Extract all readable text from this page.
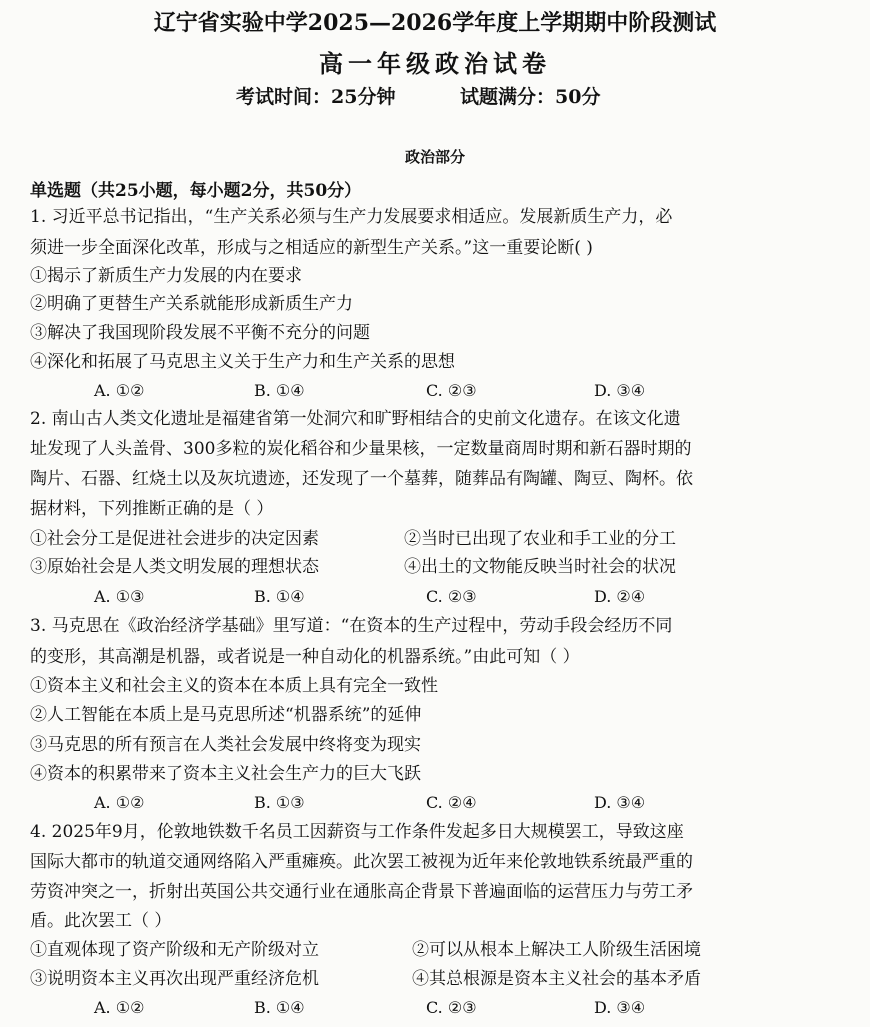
辽宁省实验中学2025—2026学年度上学期期中阶段测试
高一年级政治试卷
考试时间：25分钟	试题满分：50分
政治部分
单选题（共25小题，每小题2分，共50分）
1. 习近平总书记指出，“生产关系必须与生产力发展要求相适应。发展新质生产力，必
须进一步全面深化改革，形成与之相适应的新型生产关系。”这一重要论断( )
①揭示了新质生产力发展的内在要求
②明确了更替生产关系就能形成新质生产力
③解决了我国现阶段发展不平衡不充分的问题
④深化和拓展了马克思主义关于生产力和生产关系的思想
A. ①②	B. ①④	C. ②③	D. ③④
2. 南山古人类文化遗址是福建省第一处洞穴和旷野相结合的史前文化遗存。在该文化遗
址发现了人头盖骨、300多粒的炭化稻谷和少量果核，一定数量商周时期和新石器时期的
陶片、石器、红烧土以及灰坑遗迹，还发现了一个墓葬，随葬品有陶罐、陶豆、陶杯。依
据材料，下列推断正确的是（ ）
①社会分工是促进社会进步的决定因素	②当时已出现了农业和手工业的分工
③原始社会是人类文明发展的理想状态	④出土的文物能反映当时社会的状况
A. ①③	B. ①④	C. ②③	D. ②④
3. 马克思在《政治经济学基础》里写道：“在资本的生产过程中，劳动手段会经历不同
的变形，其高潮是机器，或者说是一种自动化的机器系统。”由此可知（ ）
①资本主义和社会主义的资本在本质上具有完全一致性
②人工智能在本质上是马克思所述“机器系统”的延伸
③马克思的所有预言在人类社会发展中终将变为现实
④资本的积累带来了资本主义社会生产力的巨大飞跃
A. ①②	B. ①③	C. ②④	D. ③④
4. 2025年9月，伦敦地铁数千名员工因薪资与工作条件发起多日大规模罢工，导致这座
国际大都市的轨道交通网络陷入严重瘫痪。此次罢工被视为近年来伦敦地铁系统最严重的
劳资冲突之一，折射出英国公共交通行业在通胀高企背景下普遍面临的运营压力与劳工矛
盾。此次罢工（ ）
①直观体现了资产阶级和无产阶级对立	②可以从根本上解决工人阶级生活困境
③说明资本主义再次出现严重经济危机	④其总根源是资本主义社会的基本矛盾
A. ①②	B. ①④	C. ②③	D. ③④
